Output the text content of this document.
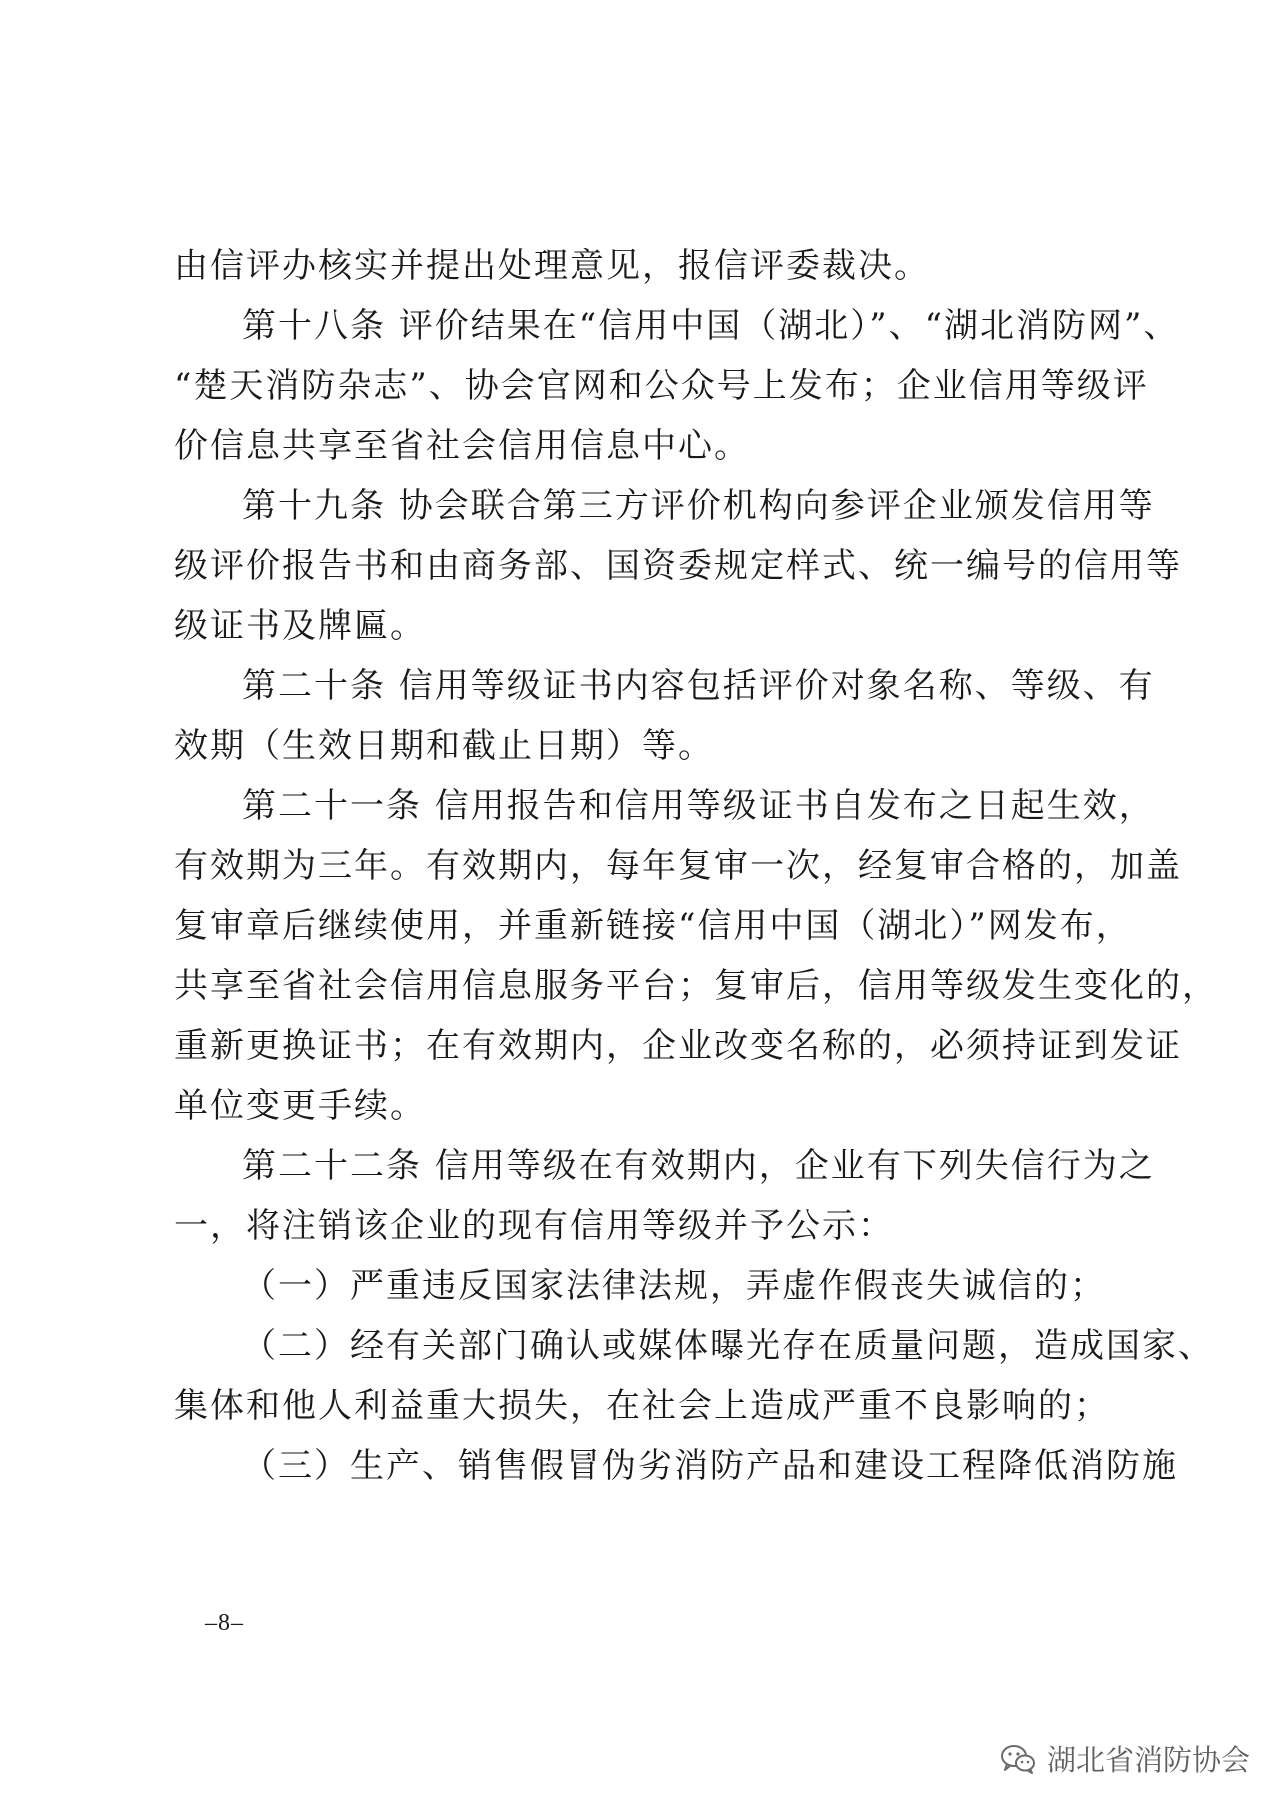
由信评办核实并提出处理意见，报信评委裁决。
第十八条 评价结果在“信用中国（湖北）”、“湖北消防网”、
“楚天消防杂志”、协会官网和公众号上发布；企业信用等级评
价信息共享至省社会信用信息中心。
第十九条 协会联合第三方评价机构向参评企业颁发信用等
级评价报告书和由商务部、国资委规定样式、统一编号的信用等
级证书及牌匾。
第二十条 信用等级证书内容包括评价对象名称、等级、有
效期（生效日期和截止日期）等。
第二十一条 信用报告和信用等级证书自发布之日起生效，
有效期为三年。有效期内，每年复审一次，经复审合格的，加盖
复审章后继续使用，并重新链接“信用中国（湖北）”网发布，
共享至省社会信用信息服务平台；复审后，信用等级发生变化的，
重新更换证书；在有效期内，企业改变名称的，必须持证到发证
单位变更手续。
第二十二条 信用等级在有效期内，企业有下列失信行为之
一，将注销该企业的现有信用等级并予公示：
（一）严重违反国家法律法规，弄虚作假丧失诚信的；
（二）经有关部门确认或媒体曝光存在质量问题，造成国家、
集体和他人利益重大损失，在社会上造成严重不良影响的；
（三）生产、销售假冒伪劣消防产品和建设工程降低消防施
–8–
湖北省消防协会
